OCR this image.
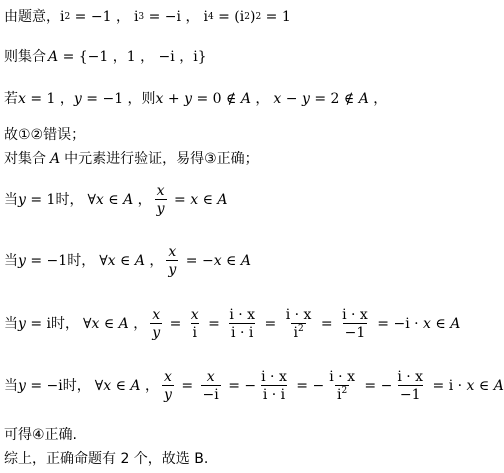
由题意， i 2 = −1 ， i 3 = −i ， i 4 = (i 2 ) 2 = 1
则集合 A = {−1 ，1 ， −i ，i}
若 x = 1 ， y = −1 ， 则 x + y = 0 ∉ A ， x − y = 2 ∉ A ，
故①②错误；
对集合 A 中元素进行验证，易得③正确；
当 y = 1 时， ∀ x ∈ A ， $\frac{x}{y} = x$ ∈ A
当 y = −1 时， ∀ x ∈ A ， $\frac{x}{y}$ = − x ∈ A
当 y = i 时， ∀ x ∈ A ， $\frac{x}{y} = \frac{x}{i} = \frac{i \cdot x}{i \cdot i} = \frac{i \cdot x}{i^2} = \frac{i \cdot x}{-1} = -i \cdot x$ ∈ A
当 y = −i 时， ∀ x ∈ A ， $\frac{x}{y} = \frac{x}{-i}$ = − $\frac{i \cdot x}{i \cdot i}$ = − $\frac{i \cdot x}{i^2}$ = − $\frac{i \cdot x}{-1} = i \cdot x$ ∈ A
可得④正确.
综上，正确命题有 2 个，故选 B.
